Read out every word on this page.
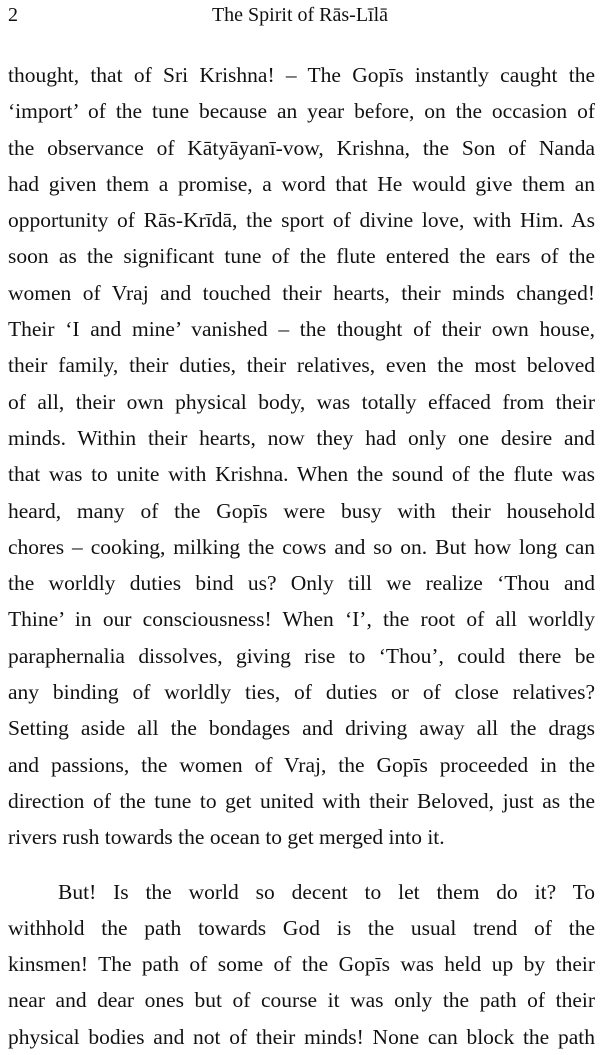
2	The Spirit of Rās-Līlā
thought, that of Sri Krishna! – The Gopīs instantly caught the
‘import’ of the tune because an year before, on the occasion of
the observance of Kātyāyanī-vow, Krishna, the Son of Nanda
had given them a promise, a word that He would give them an
opportunity of Rās-Krīdā, the sport of divine love, with Him. As
soon as the significant tune of the flute entered the ears of the
women of Vraj and touched their hearts, their minds changed!
Their ‘I and mine’ vanished – the thought of their own house,
their family, their duties, their relatives, even the most beloved
of all, their own physical body, was totally effaced from their
minds. Within their hearts, now they had only one desire and
that was to unite with Krishna. When the sound of the flute was
heard, many of the Gopīs were busy with their household
chores – cooking, milking the cows and so on. But how long can
the worldly duties bind us? Only till we realize ‘Thou and
Thine’ in our consciousness! When ‘I’, the root of all worldly
paraphernalia dissolves, giving rise to ‘Thou’, could there be
any binding of worldly ties, of duties or of close relatives?
Setting aside all the bondages and driving away all the drags
and passions, the women of Vraj, the Gopīs proceeded in the
direction of the tune to get united with their Beloved, just as the
rivers rush towards the ocean to get merged into it.
But! Is the world so decent to let them do it? To
withhold the path towards God is the usual trend of the
kinsmen! The path of some of the Gopīs was held up by their
near and dear ones but of course it was only the path of their
physical bodies and not of their minds! None can block the path
